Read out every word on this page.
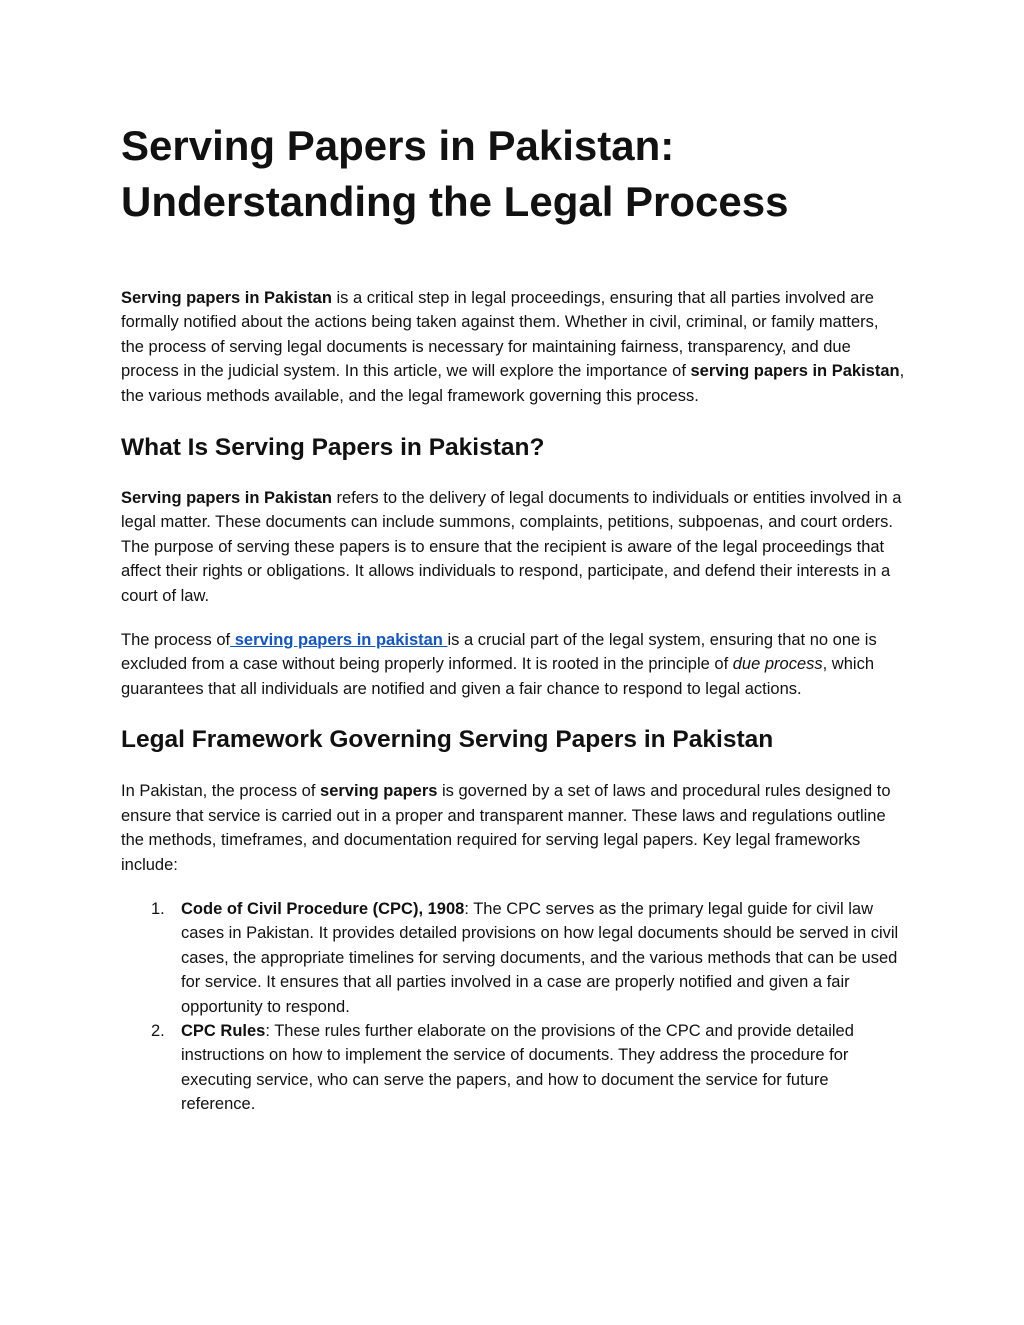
Serving Papers in Pakistan:
Understanding the Legal Process

Serving papers in Pakistan is a critical step in legal proceedings, ensuring that all parties involved are formally notified about the actions being taken against them. Whether in civil, criminal, or family matters, the process of serving legal documents is necessary for maintaining fairness, transparency, and due process in the judicial system. In this article, we will explore the importance of serving papers in Pakistan, the various methods available, and the legal framework governing this process.

What Is Serving Papers in Pakistan?

Serving papers in Pakistan refers to the delivery of legal documents to individuals or entities involved in a legal matter. These documents can include summons, complaints, petitions, subpoenas, and court orders. The purpose of serving these papers is to ensure that the recipient is aware of the legal proceedings that affect their rights or obligations. It allows individuals to respond, participate, and defend their interests in a court of law.

The process of serving papers in pakistan is a crucial part of the legal system, ensuring that no one is excluded from a case without being properly informed. It is rooted in the principle of due process, which guarantees that all individuals are notified and given a fair chance to respond to legal actions.

Legal Framework Governing Serving Papers in Pakistan

In Pakistan, the process of serving papers is governed by a set of laws and procedural rules designed to ensure that service is carried out in a proper and transparent manner. These laws and regulations outline the methods, timeframes, and documentation required for serving legal papers. Key legal frameworks include:

1. Code of Civil Procedure (CPC), 1908: The CPC serves as the primary legal guide for civil law cases in Pakistan. It provides detailed provisions on how legal documents should be served in civil cases, the appropriate timelines for serving documents, and the various methods that can be used for service. It ensures that all parties involved in a case are properly notified and given a fair opportunity to respond.
2. CPC Rules: These rules further elaborate on the provisions of the CPC and provide detailed instructions on how to implement the service of documents. They address the procedure for executing service, who can serve the papers, and how to document the service for future reference.
